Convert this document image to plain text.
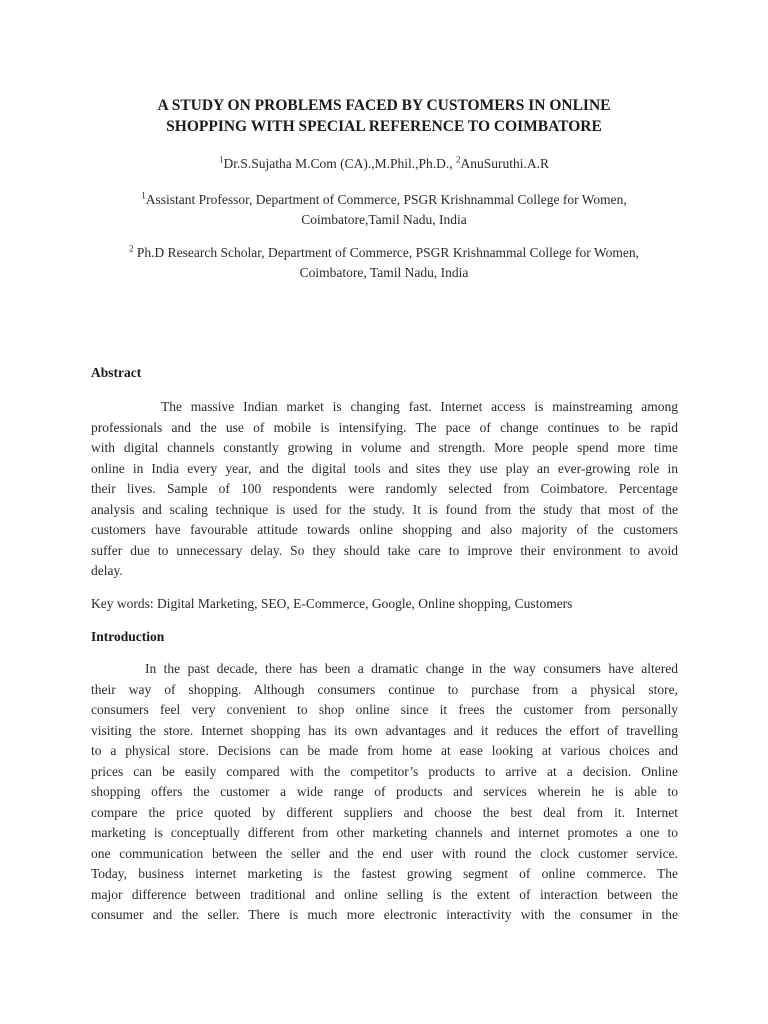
A STUDY ON PROBLEMS FACED BY CUSTOMERS IN ONLINE
SHOPPING WITH SPECIAL REFERENCE TO COIMBATORE
$^1$Dr.S.Sujatha M.Com (CA).,M.Phil.,Ph.D., $^2$AnuSuruthi.A.R
$^1$Assistant Professor, Department of Commerce, PSGR Krishnammal College for Women,
Coimbatore,Tamil Nadu, India
$^2$ Ph.D Research Scholar, Department of Commerce, PSGR Krishnammal College for Women,
Coimbatore, Tamil Nadu, India
Abstract
The massive Indian market is changing fast. Internet access is mainstreaming among
professionals and the use of mobile is intensifying. The pace of change continues to be rapid
with digital channels constantly growing in volume and strength. More people spend more time
online in India every year, and the digital tools and sites they use play an ever-growing role in
their lives. Sample of 100 respondents were randomly selected from Coimbatore. Percentage
analysis and scaling technique is used for the study. It is found from the study that most of the
customers have favourable attitude towards online shopping and also majority of the customers
suffer due to unnecessary delay. So they should take care to improve their environment to avoid
delay.
Key words: Digital Marketing, SEO, E-Commerce, Google, Online shopping, Customers
Introduction
In the past decade, there has been a dramatic change in the way consumers have altered
their way of shopping. Although consumers continue to purchase from a physical store,
consumers feel very convenient to shop online since it frees the customer from personally
visiting the store. Internet shopping has its own advantages and it reduces the effort of travelling
to a physical store. Decisions can be made from home at ease looking at various choices and
prices can be easily compared with the competitor’s products to arrive at a decision. Online
shopping offers the customer a wide range of products and services wherein he is able to
compare the price quoted by different suppliers and choose the best deal from it. Internet
marketing is conceptually different from other marketing channels and internet promotes a one to
one communication between the seller and the end user with round the clock customer service.
Today, business internet marketing is the fastest growing segment of online commerce. The
major difference between traditional and online selling is the extent of interaction between the
consumer and the seller. There is much more electronic interactivity with the consumer in the
